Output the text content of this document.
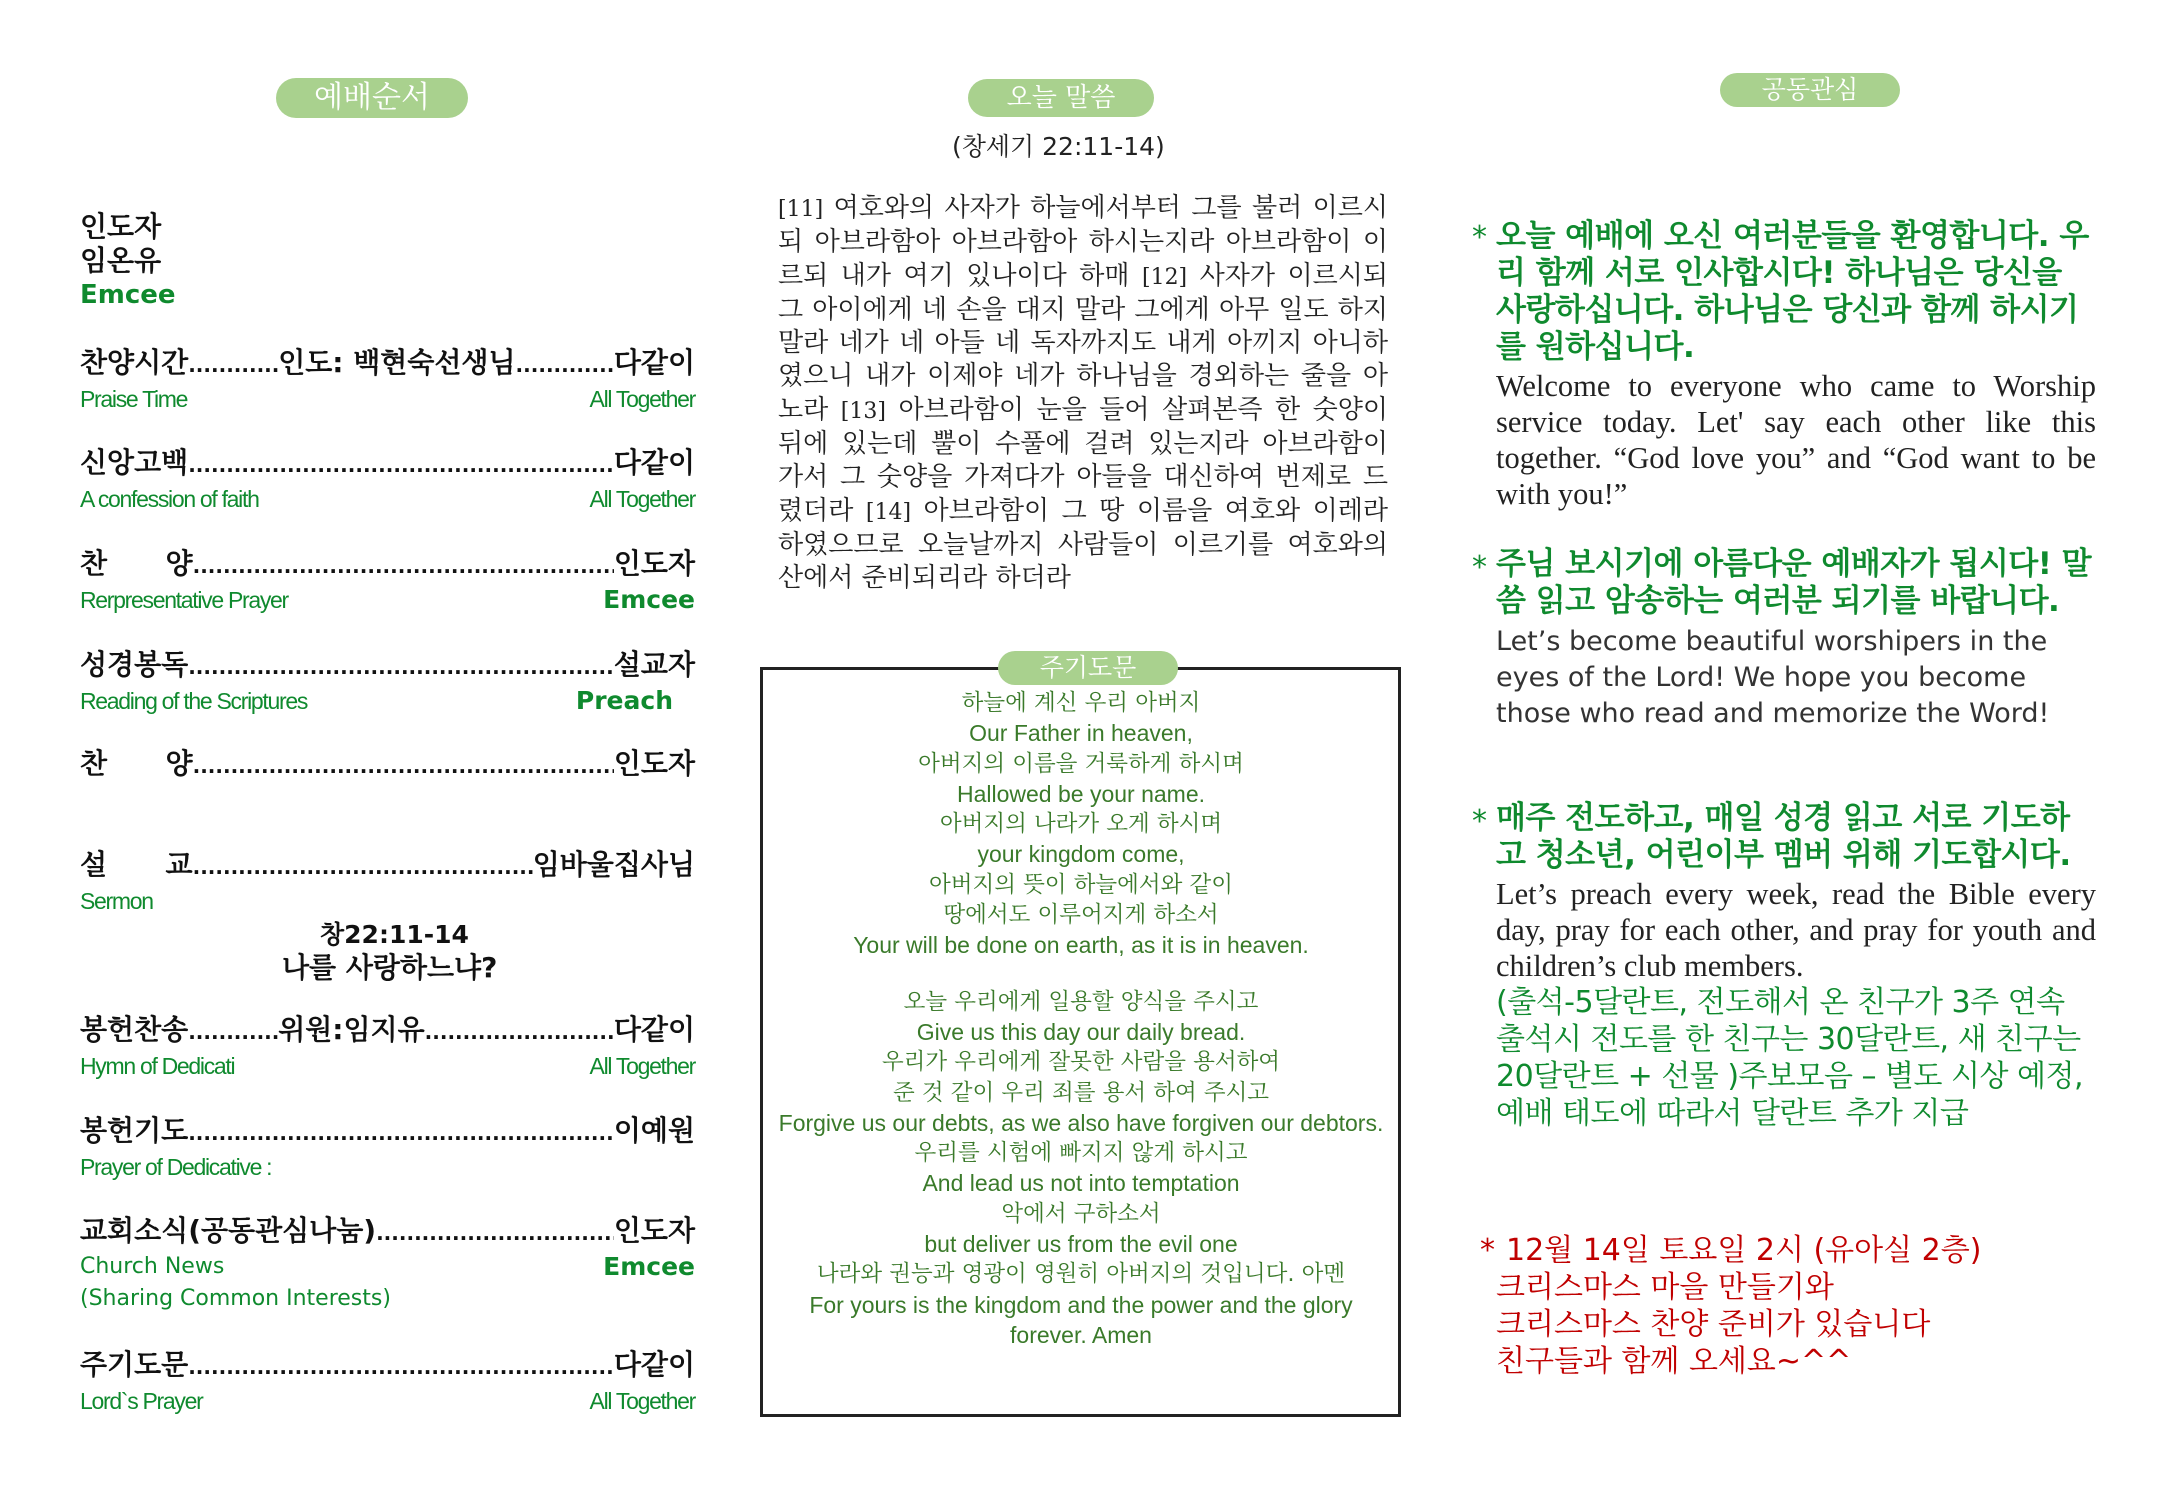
예배순서
인도자
임온유
Emcee
찬양시간 .....	인도: 백현숙선생님 .....	다같이
Praise Time	All Together
신앙고백 .....	다같이
A confession of faith	All Together
찬      양 .....	인도자
Rerpresentative Prayer	Emcee
성경봉독 .....	설교자
Reading of the Scriptures	Preach
찬      양 .....	인도자
설      교 .....	임바울집사님
Sermon
봉헌찬송 .....	위원:임지유 .....	다같이
Hymn of Dedicati	All Together
봉헌기도 .....	이예원
Prayer of Dedicative :
교회소식(공동관심나눔) .....	인도자
Church News	Emcee
(Sharing Common Interests)
주기도문 .....	다같이
Lord`s Prayer	All Together
창22:11-14
나를 사랑하느냐?
오늘 말씀
(창세기 22:11-14)
[11] 여호와의 사자가 하늘에서부터 그를 불러 이르시되 아브라함아 아브라함아 하시는지라 아브라함이 이르되 내가 여기 있나이다 하매 [12] 사자가 이르시되 그 아이에게 네 손을 대지 말라 그에게 아무 일도 하지 말라 네가 네 아들 네 독자까지도 내게 아끼지 아니하였으니 내가 이제야 네가 하나님을 경외하는 줄을 아노라 [13] 아브라함이 눈을 들어 살펴본즉 한 숫양이 뒤에 있는데 뿔이 수풀에 걸려 있는지라 아브라함이 가서 그 숫양을 가져다가 아들을 대신하여 번제로 드렸더라 [14] 아브라함이 그 땅 이름을 여호와 이레라 하였으므로 오늘날까지 사람들이 이르기를 여호와의 산에서 준비되리라 하더라
주기도문
하늘에 계신 우리 아버지
Our Father in heaven,
아버지의 이름을 거룩하게 하시며
Hallowed be your name.
아버지의 나라가 오게 하시며
your kingdom come,
아버지의 뜻이 하늘에서와 같이
땅에서도 이루어지게 하소서
Your will be done on earth, as it is in heaven.
오늘 우리에게 일용할 양식을 주시고
Give us this day our daily bread.
우리가 우리에게 잘못한 사람을 용서하여
준 것 같이 우리 죄를 용서 하여 주시고
Forgive us our debts, as we also have forgiven our debtors.
우리를 시험에 빠지지 않게 하시고
And lead us not into temptation
악에서 구하소서
but deliver us from the evil one
나라와 권능과 영광이 영원히 아버지의 것입니다. 아멘
For yours is the kingdom and the power and the glory forever. Amen
공동관심
* 오늘 예배에 오신 여러분들을 환영합니다. 우리 함께 서로 인사합시다! 하나님은 당신을 사랑하십니다. 하나님은 당신과 함께 하시기를 원하십니다.
Welcome to everyone who came to Worship service today. Let' say each other like this together. “God love you” and “God want to be with you!”
* 주님 보시기에 아름다운 예배자가 됩시다! 말씀 읽고 암송하는 여러분 되기를 바랍니다.
Let’s become beautiful worshipers in the eyes of the Lord! We hope you become those who read and memorize the Word!
* 매주 전도하고, 매일 성경 읽고 서로 기도하고 청소년, 어린이부 멤버 위해 기도합시다.
Let’s preach every week, read the Bible every day, pray for each other, and pray for youth and children’s club members.
(출석-5달란트, 전도해서 온 친구가 3주 연속 출석시 전도를 한 친구는 30달란트, 새 친구는 20달란트 + 선물 )주보모음 – 별도 시상 예정, 예배 태도에 따라서 달란트 추가 지급
* 12월 14일 토요일 2시 (유아실 2층)
크리스마스 마을 만들기와
크리스마스 찬양 준비가 있습니다
친구들과 함께 오세요~^^
